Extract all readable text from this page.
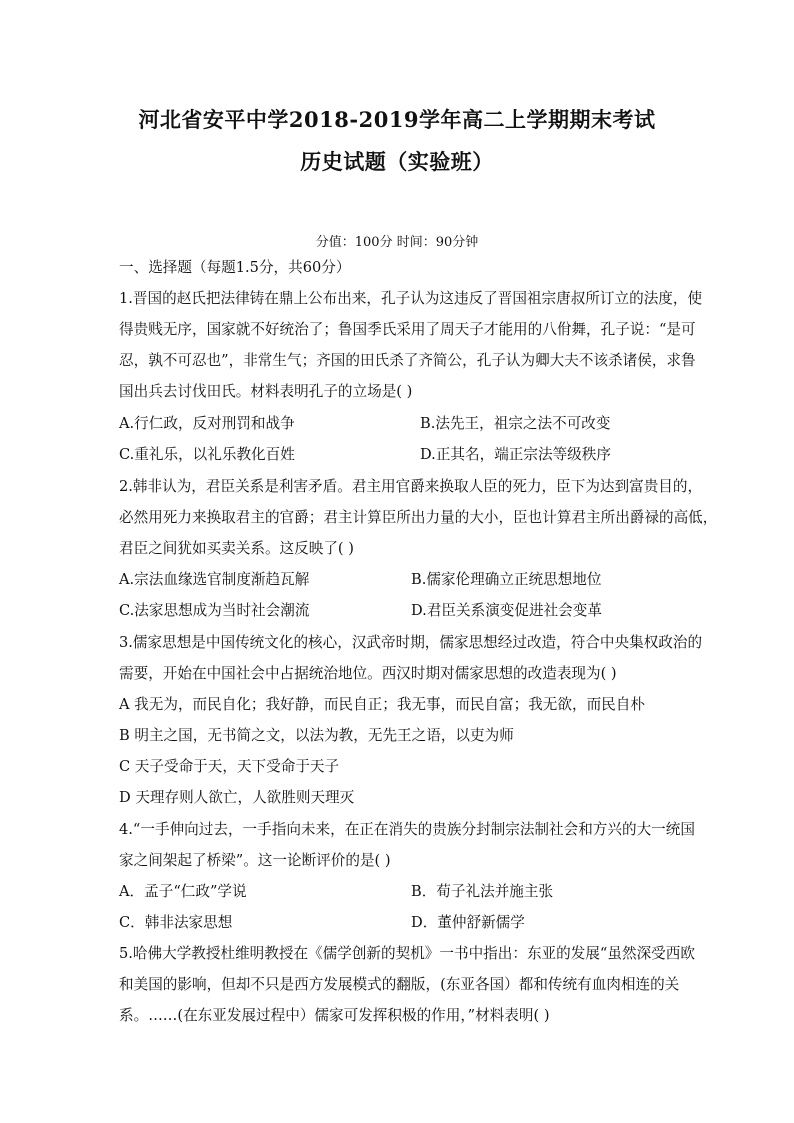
河北省安平中学2018-2019学年高二上学期期末考试
历史试题（实验班）
分值：100分 时间：90分钟
一、选择题（每题1.5分，共60分）
1.晋国的赵氏把法律铸在鼎上公布出来，孔子认为这违反了晋国祖宗唐叔所订立的法度，使
得贵贱无序，国家就不好统治了；鲁国季氏采用了周天子才能用的八佾舞，孔子说：“是可
忍，孰不可忍也”，非常生气；齐国的田氏杀了齐简公，孔子认为卿大夫不该杀诸侯，求鲁
国出兵去讨伐田氏。材料表明孔子的立场是( )
A.行仁政，反对刑罚和战争	B.法先王，祖宗之法不可改变
C.重礼乐，以礼乐教化百姓	D.正其名，端正宗法等级秩序
2.韩非认为，君臣关系是利害矛盾。君主用官爵来换取人臣的死力，臣下为达到富贵目的，
必然用死力来换取君主的官爵；君主计算臣所出力量的大小，臣也计算君主所出爵禄的高低，
君臣之间犹如买卖关系。这反映了( )
A.宗法血缘选官制度渐趋瓦解	B.儒家伦理确立正统思想地位
C.法家思想成为当时社会潮流	D.君臣关系演变促进社会变革
3.儒家思想是中国传统文化的核心，汉武帝时期，儒家思想经过改造，符合中央集权政治的
需要，开始在中国社会中占据统治地位。西汉时期对儒家思想的改造表现为( )
A 我无为，而民自化；我好静，而民自正；我无事，而民自富；我无欲，而民自朴
B 明主之国，无书简之文，以法为教，无先王之语，以吏为师
C 天子受命于天，天下受命于天子
D 天理存则人欲亡，人欲胜则天理灭
4.“一手伸向过去，一手指向未来，在正在消失的贵族分封制宗法制社会和方兴的大一统国
家之间架起了桥梁”。这一论断评价的是( )
A．孟子“仁政”学说	B．荀子礼法并施主张
C．韩非法家思想	D．董仲舒新儒学
5.哈佛大学教授杜维明教授在《儒学创新的契机》一书中指出：东亚的发展“虽然深受西欧
和美国的影响，但却不只是西方发展模式的翻版，(东亚各国）都和传统有血肉相连的关
系。……(在东亚发展过程中）儒家可发挥积极的作用，”材料表明( )
